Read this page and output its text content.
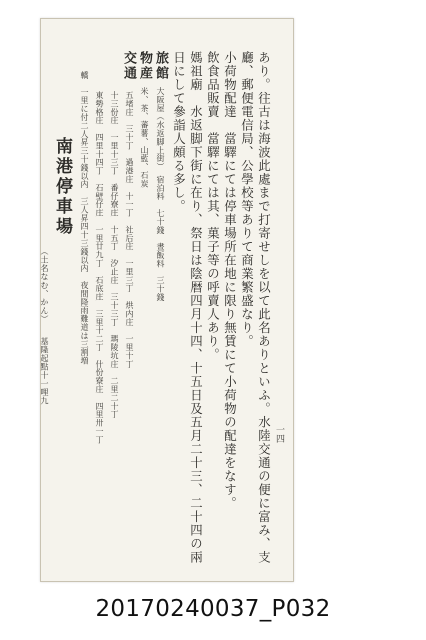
一四
あり。往古は海波此處まで打寄せしを以て此名ありといふ。水陸交通の便に富み、支
廳、郵便電信局、公學校等ありて商業繁盛なり。
小荷物配達　當驛にては停車場所在地に限り無賃にて小荷物の配達をなす。
飲食品販賣　當驛にては其、菓子等の呼賣人あり。
媽祖廟　水返脚下街に在り、祭日は陰暦四月十四、十五日及五月二十三、二十四の兩
日にして參詣人頗る多し。
旅館
大阪屋（水返脚上街）　宿泊料　七十錢　晝飯料　三十錢
物産
米、茶、蕃薯、山藍、石炭
交通
五堵庄　三十丁　過港庄　十一丁　社后庄　一里三丁　烘内庄　一里十丁
十三份庄　一里十三丁　番仔寮庄　十五丁　汐止庄　三十三丁　瑪陵坑庄　二里二十丁
東勢格庄　四里十四丁　石壁仔庄　一里廿九丁　石底庄　三里十二丁　什份寮庄　四里卅一丁
轎　一里に付二人昇三十錢以内　三人昇四十三錢以内　夜間降雨難道は三割増
南港停車場
（土名なむ、かん）
基隆起點十一哩九
20170240037_P032
